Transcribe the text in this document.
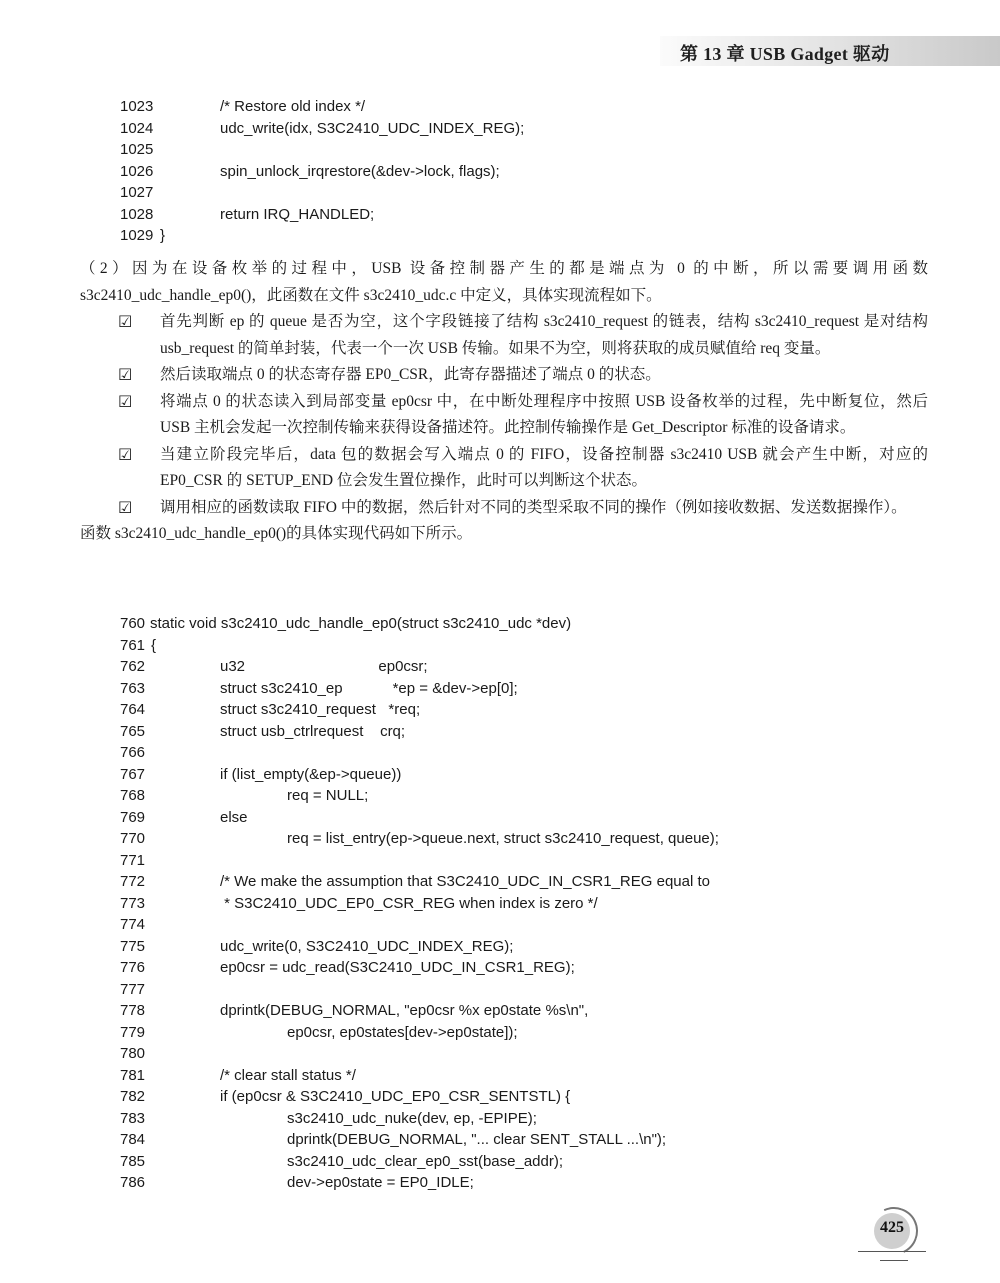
第 13 章 USB Gadget 驱动
1023	/* Restore old index */
1024	udc_write(idx, S3C2410_UDC_INDEX_REG);
1025
1026	spin_unlock_irqrestore(&dev->lock, flags);
1027
1028	return IRQ_HANDLED;
1029 }
（2）因为在设备枚举的过程中，USB 设备控制器产生的都是端点为 0 的中断，所以需要调用函数 s3c2410_udc_handle_ep0()，此函数在文件 s3c2410_udc.c 中定义，具体实现流程如下。
☑ 首先判断 ep 的 queue 是否为空，这个字段链接了结构 s3c2410_request 的链表，结构 s3c2410_request 是对结构 usb_request 的简单封装，代表一个一次 USB 传输。如果不为空，则将获取的成员赋值给 req 变量。
☑ 然后读取端点 0 的状态寄存器 EP0_CSR，此寄存器描述了端点 0 的状态。
☑ 将端点 0 的状态读入到局部变量 ep0csr 中，在中断处理程序中按照 USB 设备枚举的过程，先中断复位，然后 USB 主机会发起一次控制传输来获得设备描述符。此控制传输操作是 Get_Descriptor 标准的设备请求。
☑ 当建立阶段完毕后，data 包的数据会写入端点 0 的 FIFO，设备控制器 s3c2410 USB 就会产生中断，对应的 EP0_CSR 的 SETUP_END 位会发生置位操作，此时可以判断这个状态。
☑ 调用相应的函数读取 FIFO 中的数据，然后针对不同的类型采取不同的操作（例如接收数据、发送数据操作）。
函数 s3c2410_udc_handle_ep0()的具体实现代码如下所示。
760 static void s3c2410_udc_handle_ep0(struct s3c2410_udc *dev)
761 {
762	u32                                ep0csr;
763	struct s3c2410_ep            *ep = &dev->ep[0];
764	struct s3c2410_request   *req;
765	struct usb_ctrlrequest    crq;
766
767	if (list_empty(&ep->queue))
768	req = NULL;
769	else
770	req = list_entry(ep->queue.next, struct s3c2410_request, queue);
771
772	/* We make the assumption that S3C2410_UDC_IN_CSR1_REG equal to
773	* S3C2410_UDC_EP0_CSR_REG when index is zero */
774
775	udc_write(0, S3C2410_UDC_INDEX_REG);
776	ep0csr = udc_read(S3C2410_UDC_IN_CSR1_REG);
777
778	dprintk(DEBUG_NORMAL, "ep0csr %x ep0state %s\n",
779	ep0csr, ep0states[dev->ep0state]);
780
781	/* clear stall status */
782	if (ep0csr & S3C2410_UDC_EP0_CSR_SENTSTL) {
783	s3c2410_udc_nuke(dev, ep, -EPIPE);
784	dprintk(DEBUG_NORMAL, "... clear SENT_STALL ...\n");
785	s3c2410_udc_clear_ep0_sst(base_addr);
786	dev->ep0state = EP0_IDLE;
425
